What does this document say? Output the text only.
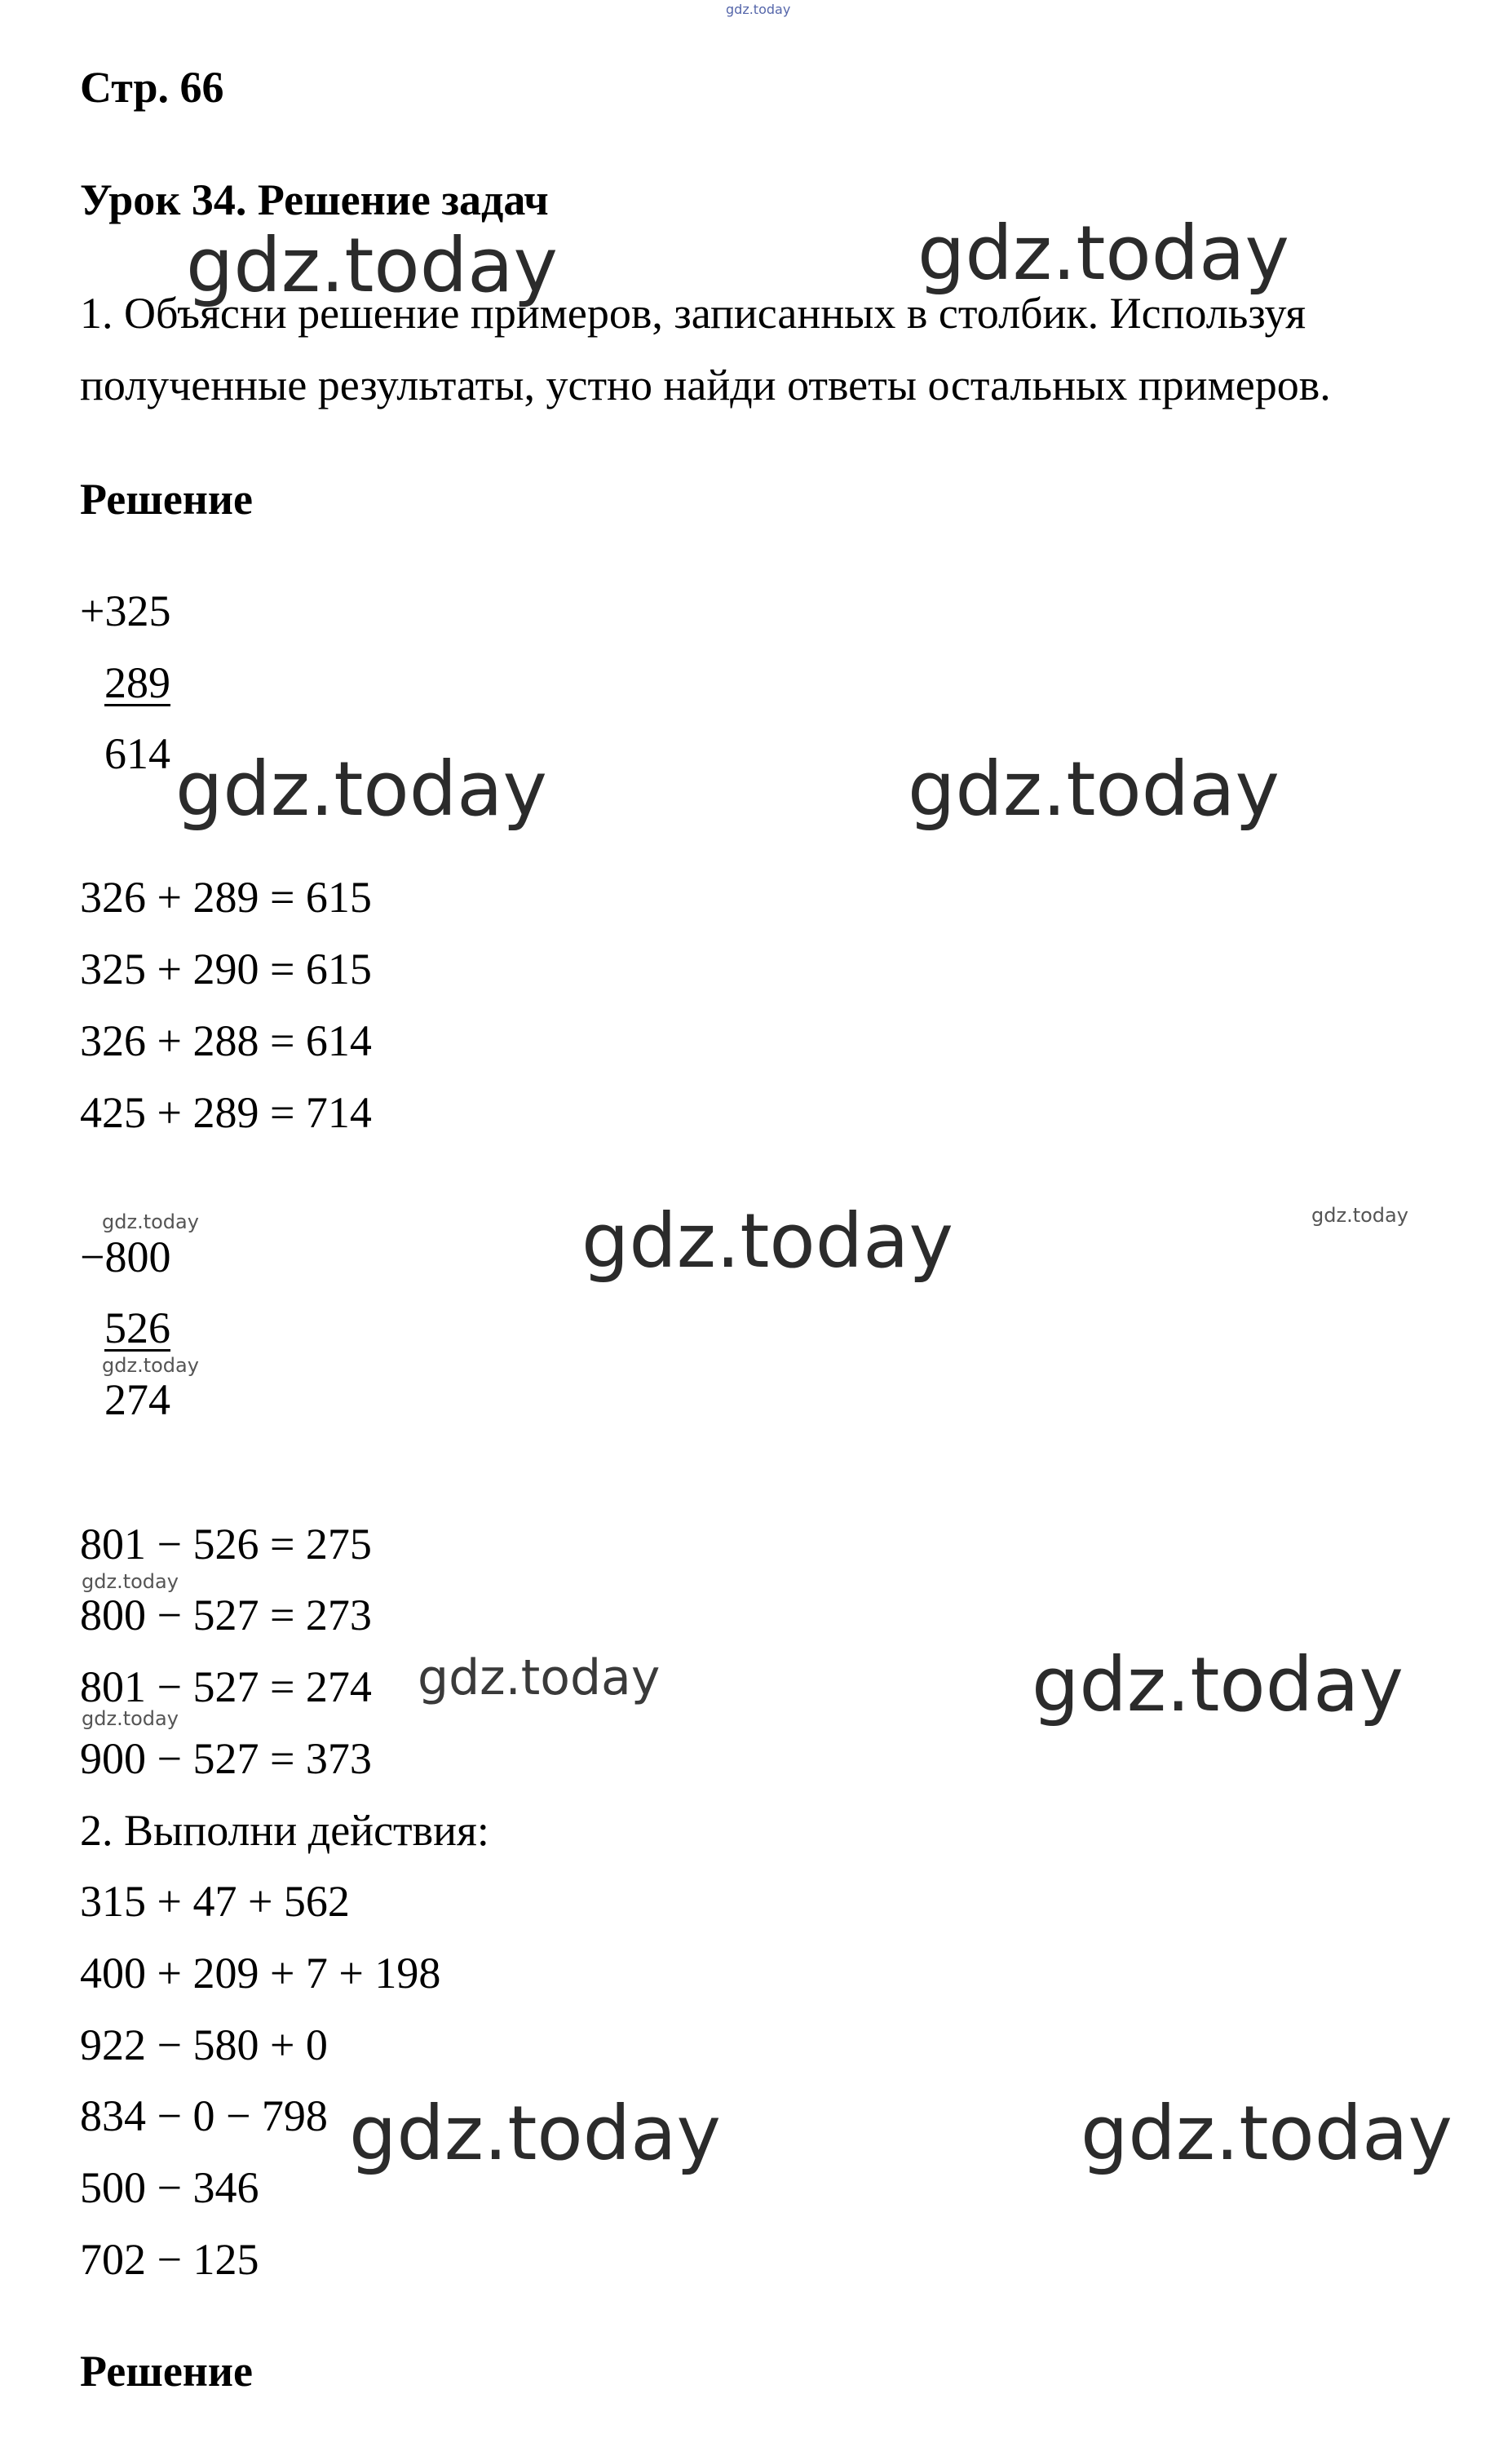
Стр. 66
Урок 34. Решение задач
1. Объясни решение примеров, записанных в столбик. Используя
полученные результаты, устно найди ответы остальных примеров.
Решение
+325
289
614
326 + 289 = 615
325 + 290 = 615
326 + 288 = 614
425 + 289 = 714
−800
526
274
801 − 526 = 275
800 − 527 = 273
801 − 527 = 274
900 − 527 = 373
2. Выполни действия:
315 + 47 + 562
400 + 209 + 7 + 198
922 − 580 + 0
834 − 0 − 798
500 − 346
702 − 125
Решение
gdz.today
gdz.today	gdz.today
gdz.today	gdz.today
gdz.today	gdz.today	gdz.today
gdz.today
gdz.today
gdz.today	gdz.today
gdz.today
gdz.today	gdz.today
